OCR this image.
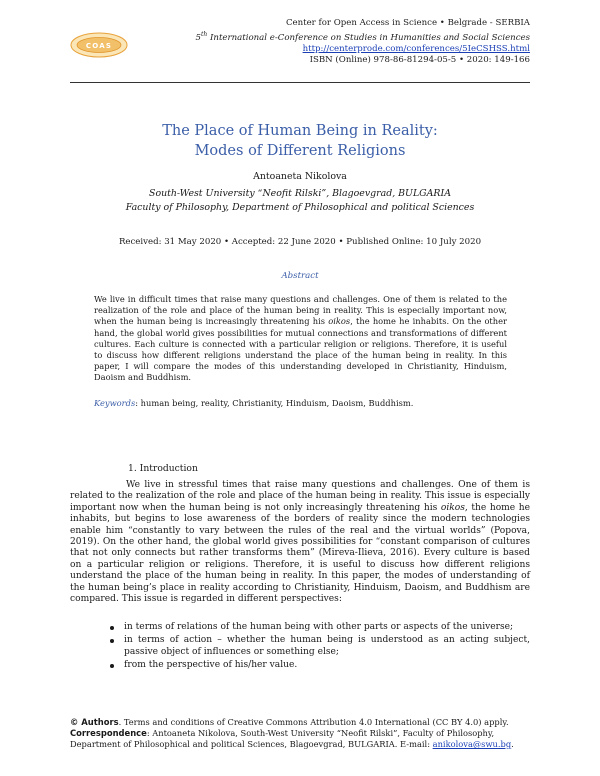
COAS
Center for Open Access in Science • Belgrade - SERBIA
5th International e-Conference on Studies in Humanities and Social Sciences
http://centerprode.com/conferences/5IeCSHSS.html
ISBN (Online) 978-86-81294-05-5 • 2020: 149-166
The Place of Human Being in Reality:
Modes of Different Religions
Antoaneta Nikolova
South-West University “Neofit Rilski”, Blagoevgrad, BULGARIA
Faculty of Philosophy, Department of Philosophical and political Sciences
Received: 31 May 2020 • Accepted: 22 June 2020 • Published Online: 10 July 2020
Abstract
We live in difficult times that raise many questions and challenges. One of them is related to the realization of the role and place of the human being in reality. This is especially important now, when the human being is increasingly threatening his oikos, the home he inhabits. On the other hand, the global world gives possibilities for mutual connections and transformations of different cultures. Each culture is connected with a particular religion or religions. Therefore, it is useful to discuss how different religions understand the place of the human being in reality. In this paper, I will compare the modes of this understanding developed in Christianity, Hinduism, Daoism and Buddhism.
Keywords: human being, reality, Christianity, Hinduism, Daoism, Buddhism.
1. Introduction

We live in stressful times that raise many questions and challenges. One of them is related to the realization of the role and place of the human being in reality. This issue is especially important now when the human being is not only increasingly threatening his oikos, the home he inhabits, but begins to lose awareness of the borders of reality since the modern technologies enable him “constantly to vary between the rules of the real and the virtual worlds” (Popova, 2019). On the other hand, the global world gives possibilities for “constant comparison of cultures that not only connects but rather transforms them” (Mireva-Ilieva, 2016). Every culture is based on a particular religion or religions. Therefore, it is useful to discuss how different religions understand the place of the human being in reality. In this paper, the modes of understanding of the human being’s place in reality according to Christianity, Hinduism, Daoism, and Buddhism are compared. This issue is regarded in different perspectives:

in terms of relations of the human being with other parts or aspects of the universe;
in terms of action – whether the human being is understood as an acting subject, passive object of influences or something else;
from the perspective of his/her value.
© Authors. Terms and conditions of Creative Commons Attribution 4.0 International (CC BY 4.0) apply.
Correspondence: Antoaneta Nikolova, South-West University “Neofit Rilski”, Faculty of Philosophy, Department of Philosophical and political Sciences, Blagoevgrad, BULGARIA. E-mail: anikolova@swu.bg.
